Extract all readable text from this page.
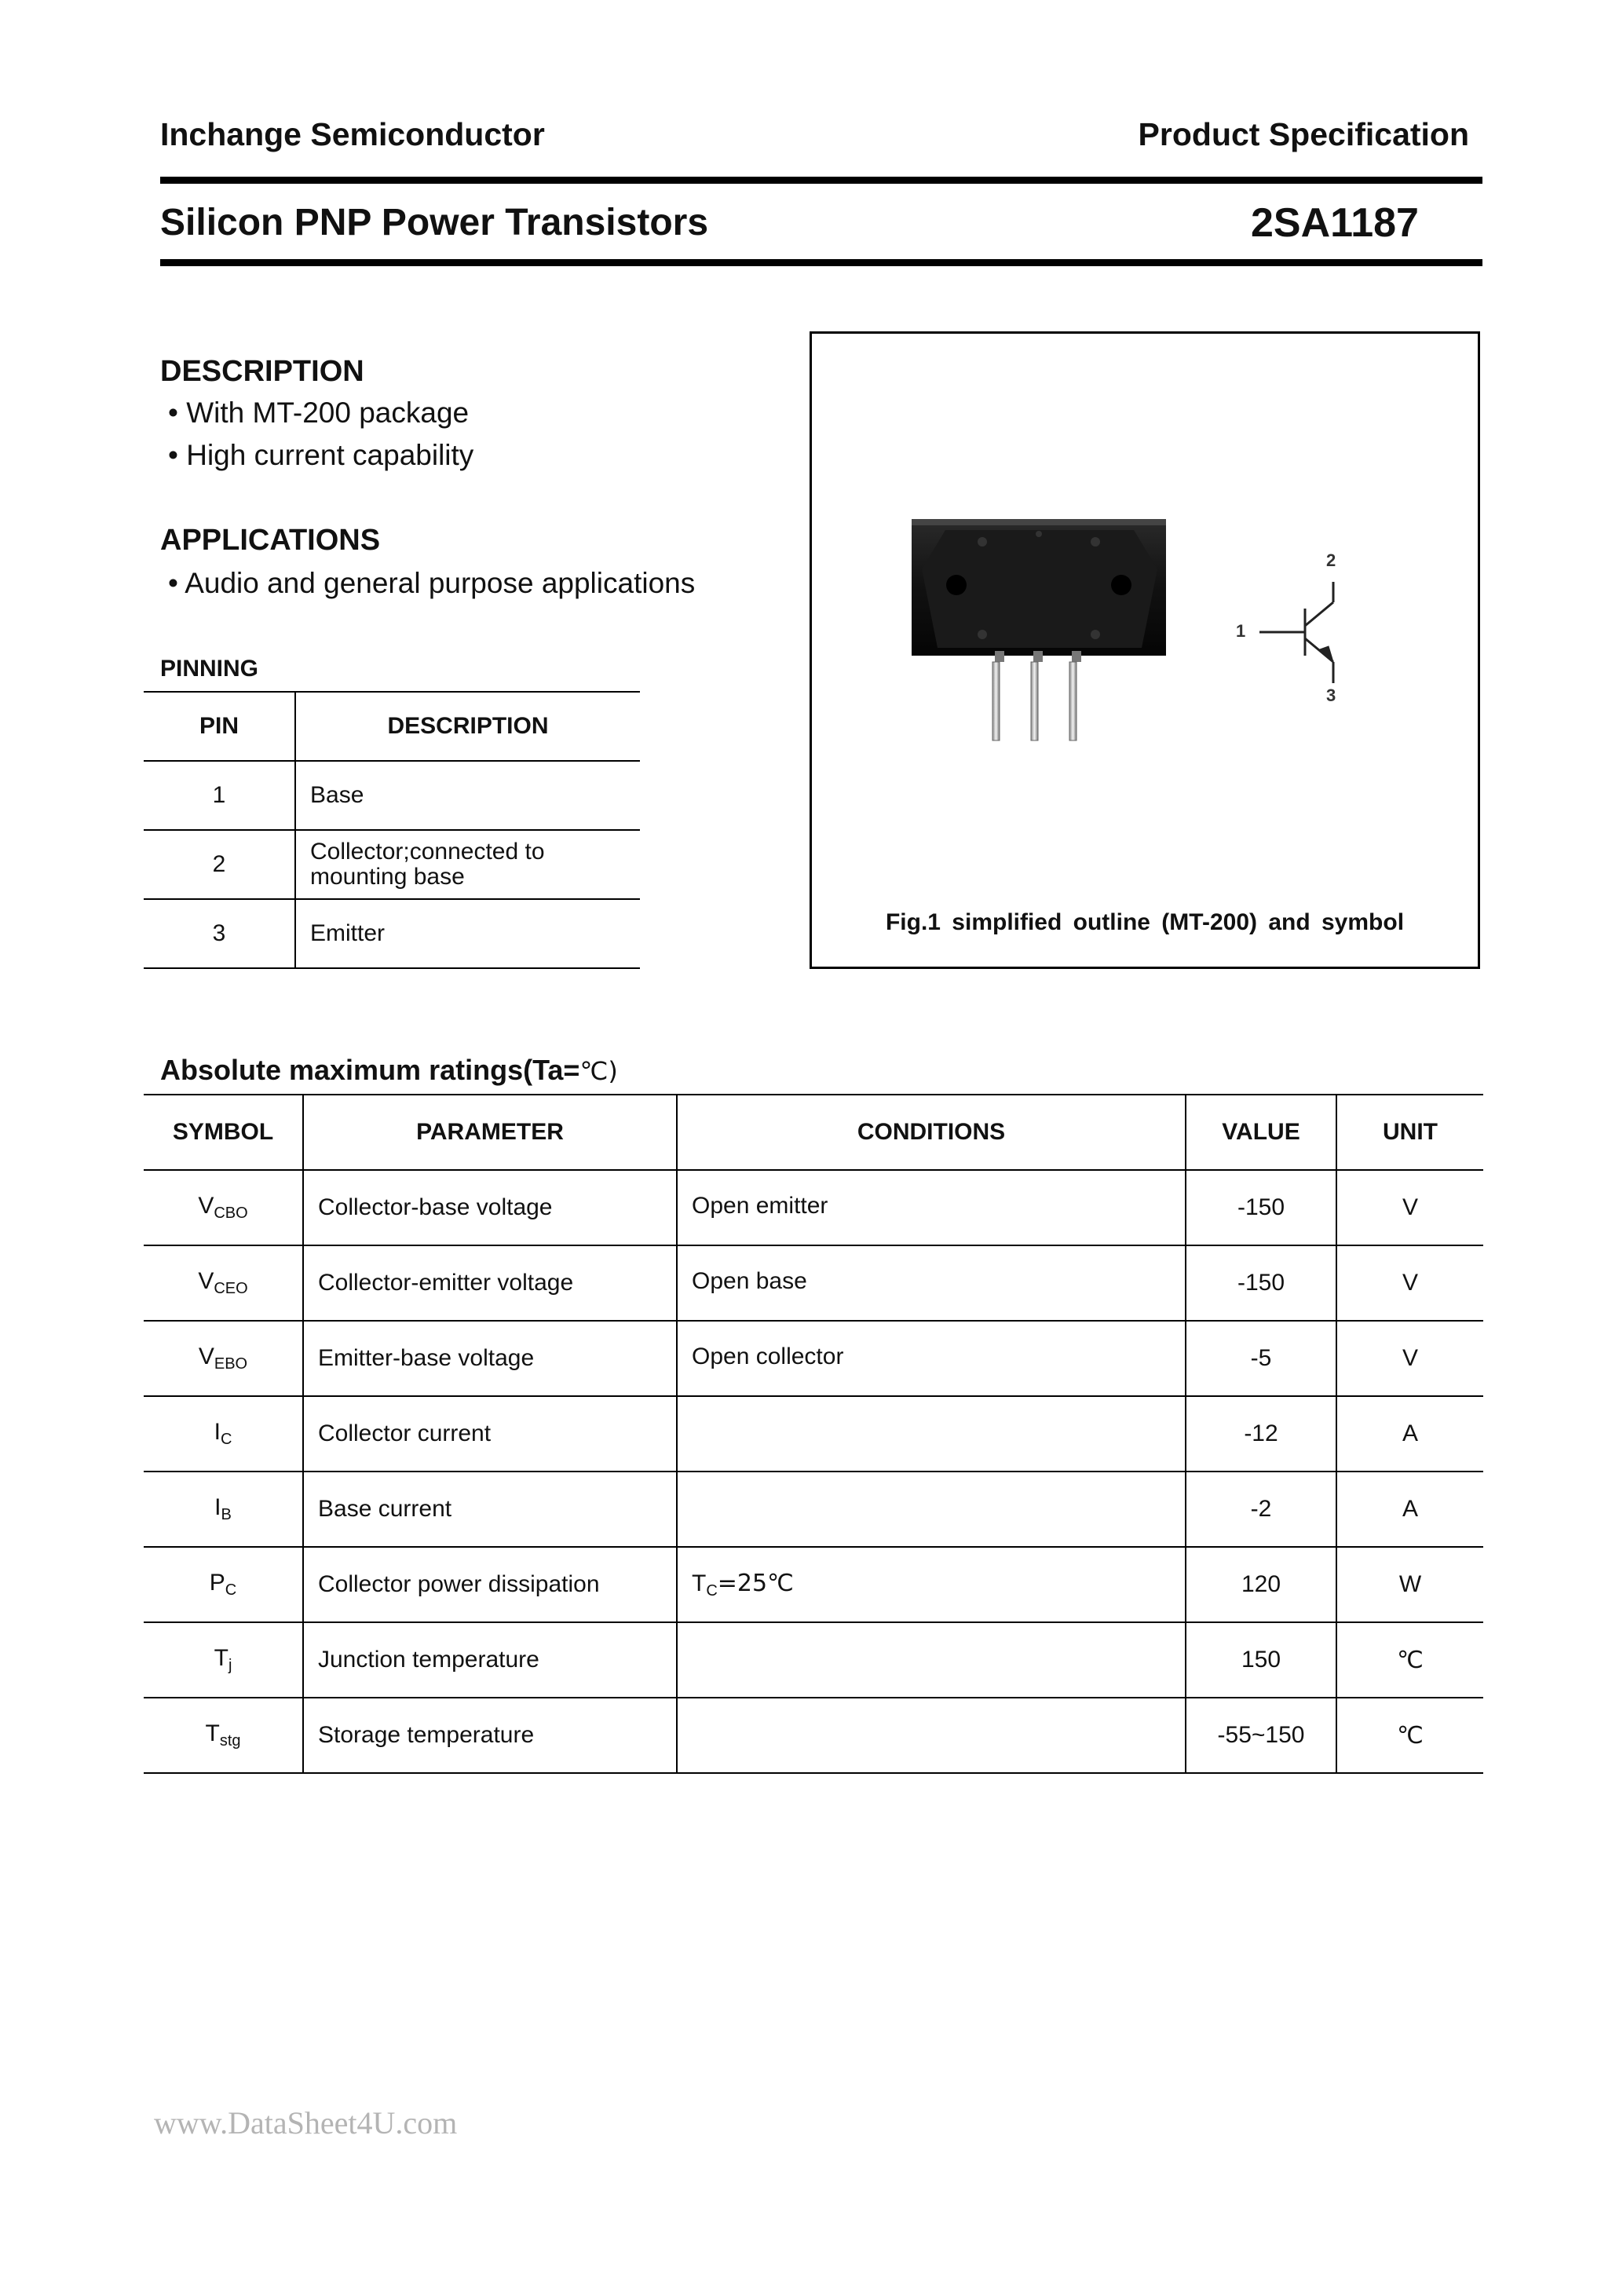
Inchange Semiconductor	Product Specification
Silicon PNP Power Transistors	2SA1187
DESCRIPTION
• With MT-200 package
• High current capability
APPLICATIONS
• Audio and general purpose applications
PINNING
PIN	DESCRIPTION
1	Base

2	Collector;connected to
mounting base

3	Emitter
1
2
3
Fig.1 simplified outline (MT-200) and symbol
Absolute maximum ratings(Ta=℃)
SYMBOL	PARAMETER	CONDITIONS	VALUE	UNIT
$V_{CBO}$	Collector-base voltage	Open emitter	-150	V
$V_{CEO}$	Collector-emitter voltage	Open base	-150	V
$V_{EBO}$	Emitter-base voltage	Open collector	-5	V
$I_C$	Collector current		-12	A
$I_B$	Base current		-2	A
$P_C$	Collector power dissipation	$T_C=25℃$	120	W
$T_j$	Junction temperature		150	℃
$T_{stg}$	Storage temperature		-55~150	℃
www.DataSheet4U.com
